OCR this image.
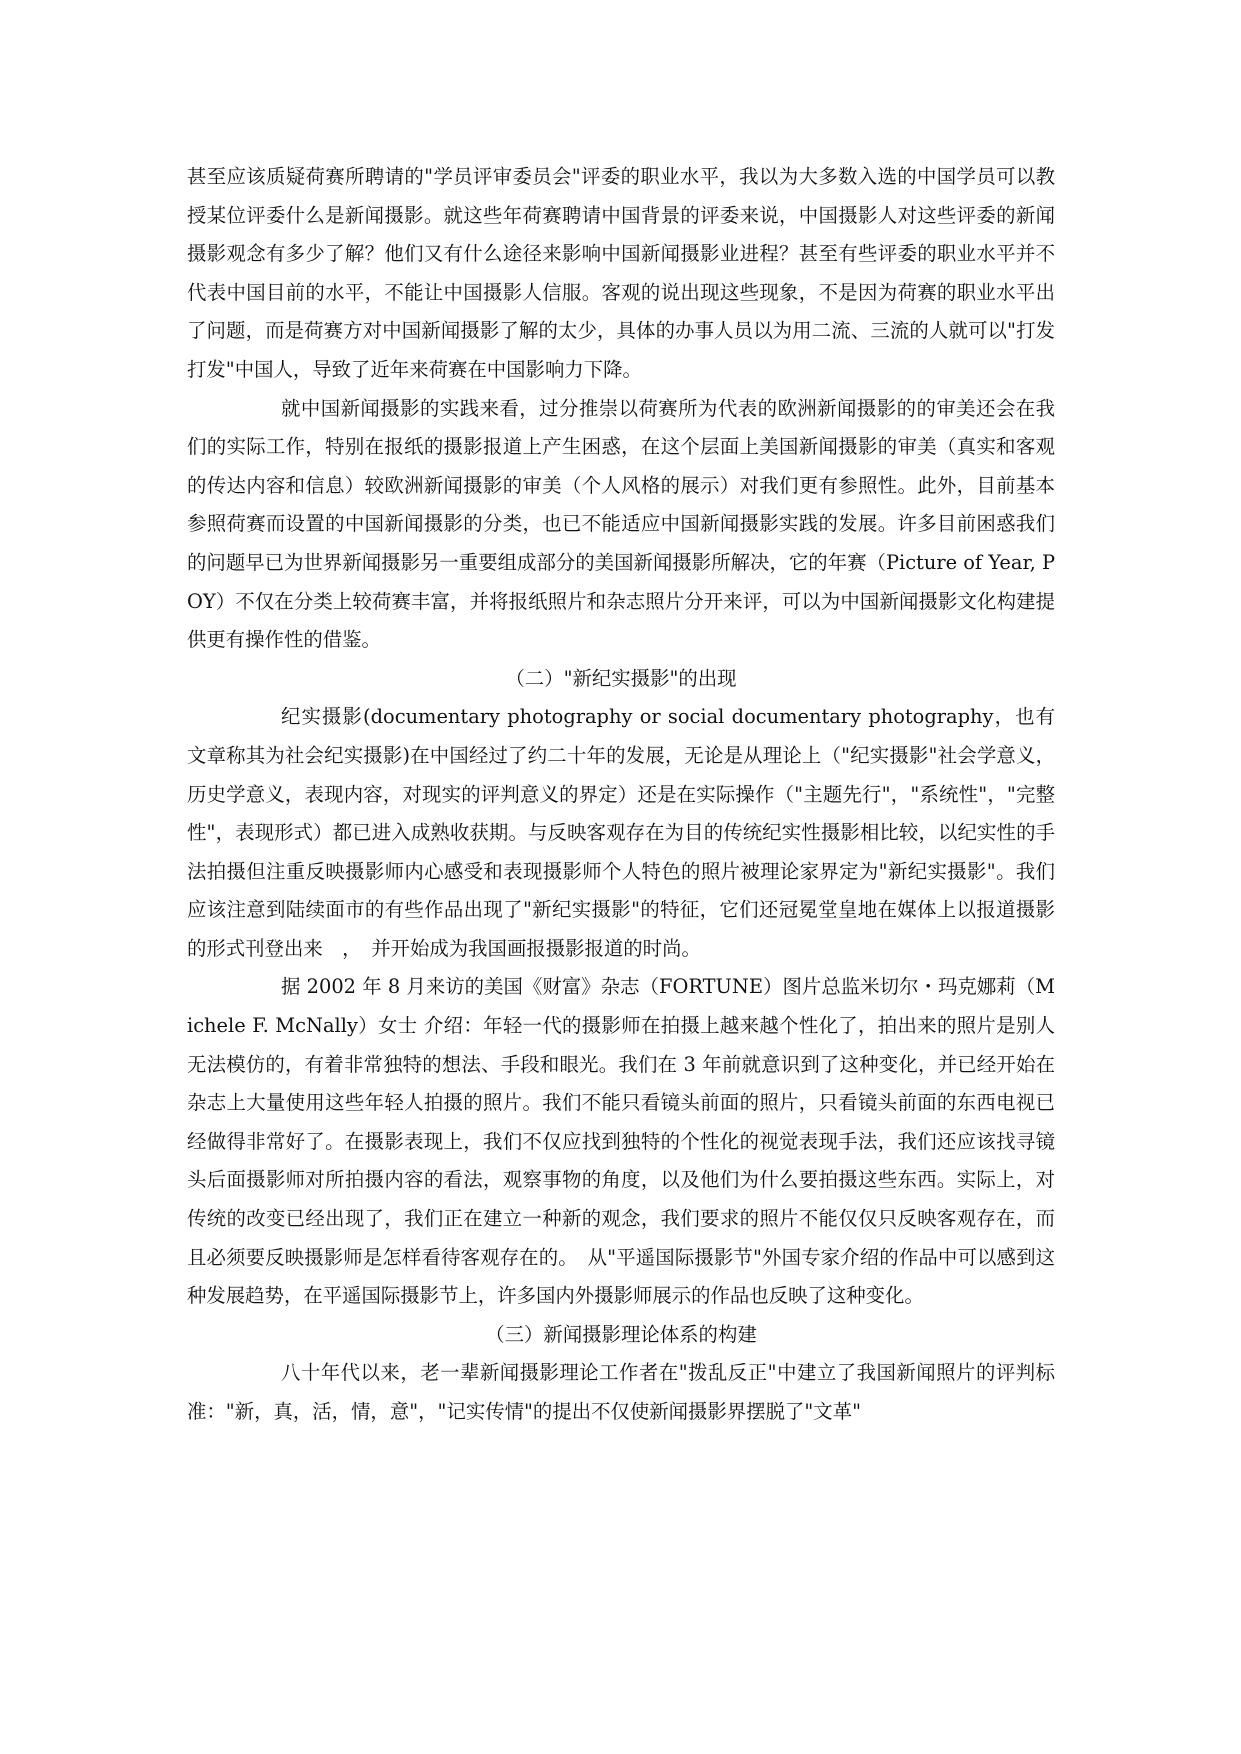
甚至应该质疑荷赛所聘请的"学员评审委员会"评委的职业水平，我以为大多数入选的中国学员可以教授某位评委什么是新闻摄影。就这些年荷赛聘请中国背景的评委来说，中国摄影人对这些评委的新闻摄影观念有多少了解？他们又有什么途径来影响中国新闻摄影业进程？甚至有些评委的职业水平并不代表中国目前的水平，不能让中国摄影人信服。客观的说出现这些现象，不是因为荷赛的职业水平出了问题，而是荷赛方对中国新闻摄影了解的太少，具体的办事人员以为用二流、三流的人就可以"打发打发"中国人，导致了近年来荷赛在中国影响力下降。

就中国新闻摄影的实践来看，过分推崇以荷赛所为代表的欧洲新闻摄影的的审美还会在我们的实际工作，特别在报纸的摄影报道上产生困惑，在这个层面上美国新闻摄影的审美（真实和客观的传达内容和信息）较欧洲新闻摄影的审美（个人风格的展示）对我们更有参照性。此外，目前基本参照荷赛而设置的中国新闻摄影的分类，也已不能适应中国新闻摄影实践的发展。许多目前困惑我们的问题早已为世界新闻摄影另一重要组成部分的美国新闻摄影所解决，它的年赛（Picture of Year, POY）不仅在分类上较荷赛丰富，并将报纸照片和杂志照片分开来评，可以为中国新闻摄影文化构建提供更有操作性的借鉴。

（二）"新纪实摄影"的出现

纪实摄影(documentary photography or social documentary photography，也有文章称其为社会纪实摄影)在中国经过了约二十年的发展，无论是从理论上（"纪实摄影"社会学意义，历史学意义，表现内容，对现实的评判意义的界定）还是在实际操作（"主题先行"，"系统性"，"完整性"，表现形式）都已进入成熟收获期。与反映客观存在为目的传统纪实性摄影相比较，以纪实性的手法拍摄但注重反映摄影师内心感受和表现摄影师个人特色的照片被理论家界定为"新纪实摄影"。我们应该注意到陆续面市的有些作品出现了"新纪实摄影"的特征，它们还冠冕堂皇地在媒体上以报道摄影的形式刊登出来　，　并开始成为我国画报摄影报道的时尚。

据 2002 年 8 月来访的美国《财富》杂志（FORTUNE）图片总监米切尔・玛克娜莉（Michele F. McNally）女士 介绍：年轻一代的摄影师在拍摄上越来越个性化了，拍出来的照片是别人无法模仿的，有着非常独特的想法、手段和眼光。我们在 3 年前就意识到了这种变化，并已经开始在杂志上大量使用这些年轻人拍摄的照片。我们不能只看镜头前面的照片，只看镜头前面的东西电视已经做得非常好了。在摄影表现上，我们不仅应找到独特的个性化的视觉表现手法，我们还应该找寻镜头后面摄影师对所拍摄内容的看法，观察事物的角度，以及他们为什么要拍摄这些东西。实际上，对传统的改变已经出现了，我们正在建立一种新的观念，我们要求的照片不能仅仅只反映客观存在，而且必须要反映摄影师是怎样看待客观存在的。　从"平遥国际摄影节"外国专家介绍的作品中可以感到这种发展趋势，在平遥国际摄影节上，许多国内外摄影师展示的作品也反映了这种变化。

（三）新闻摄影理论体系的构建

八十年代以来，老一辈新闻摄影理论工作者在"拨乱反正"中建立了我国新闻照片的评判标准："新，真，活，情，意"，"记实传情"的提出不仅使新闻摄影界摆脱了"文革"
